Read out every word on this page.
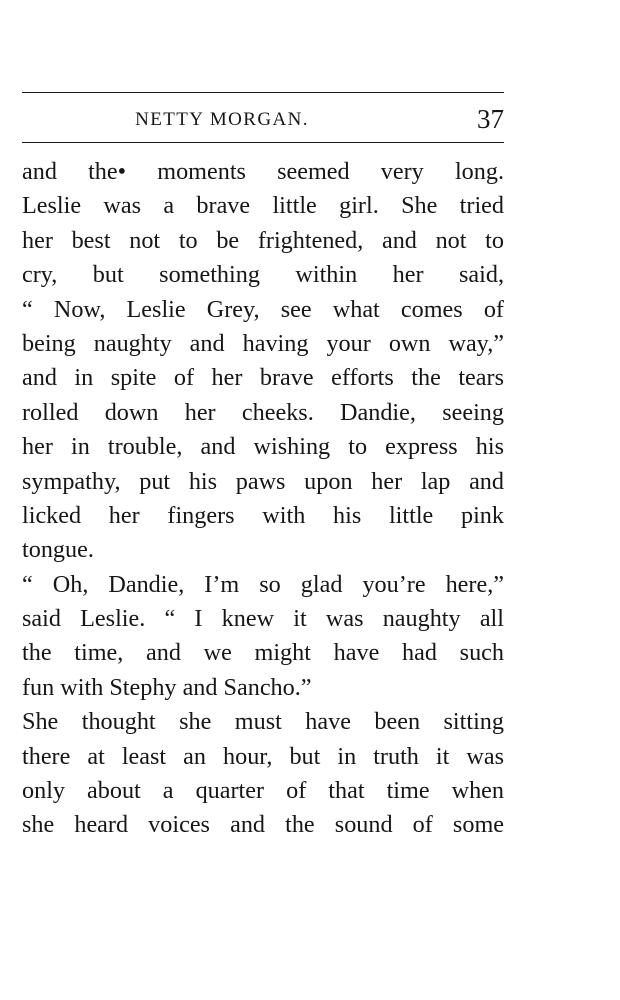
NETTY MORGAN.	37
and the• moments seemed very long.
Leslie was a brave little girl. She tried
her best not to be frightened, and not to
cry, but something within her said,
“ Now, Leslie Grey, see what comes of
being naughty and having your own way,”
and in spite of her brave efforts the tears
rolled down her cheeks. Dandie, seeing
her in trouble, and wishing to express his
sympathy, put his paws upon her lap and
licked her fingers with his little pink
tongue.
“ Oh, Dandie, I’m so glad you’re here,”
said Leslie. “ I knew it was naughty all
the time, and we might have had such
fun with Stephy and Sancho.”
She thought she must have been sitting
there at least an hour, but in truth it was
only about a quarter of that time when
she heard voices and the sound of some
